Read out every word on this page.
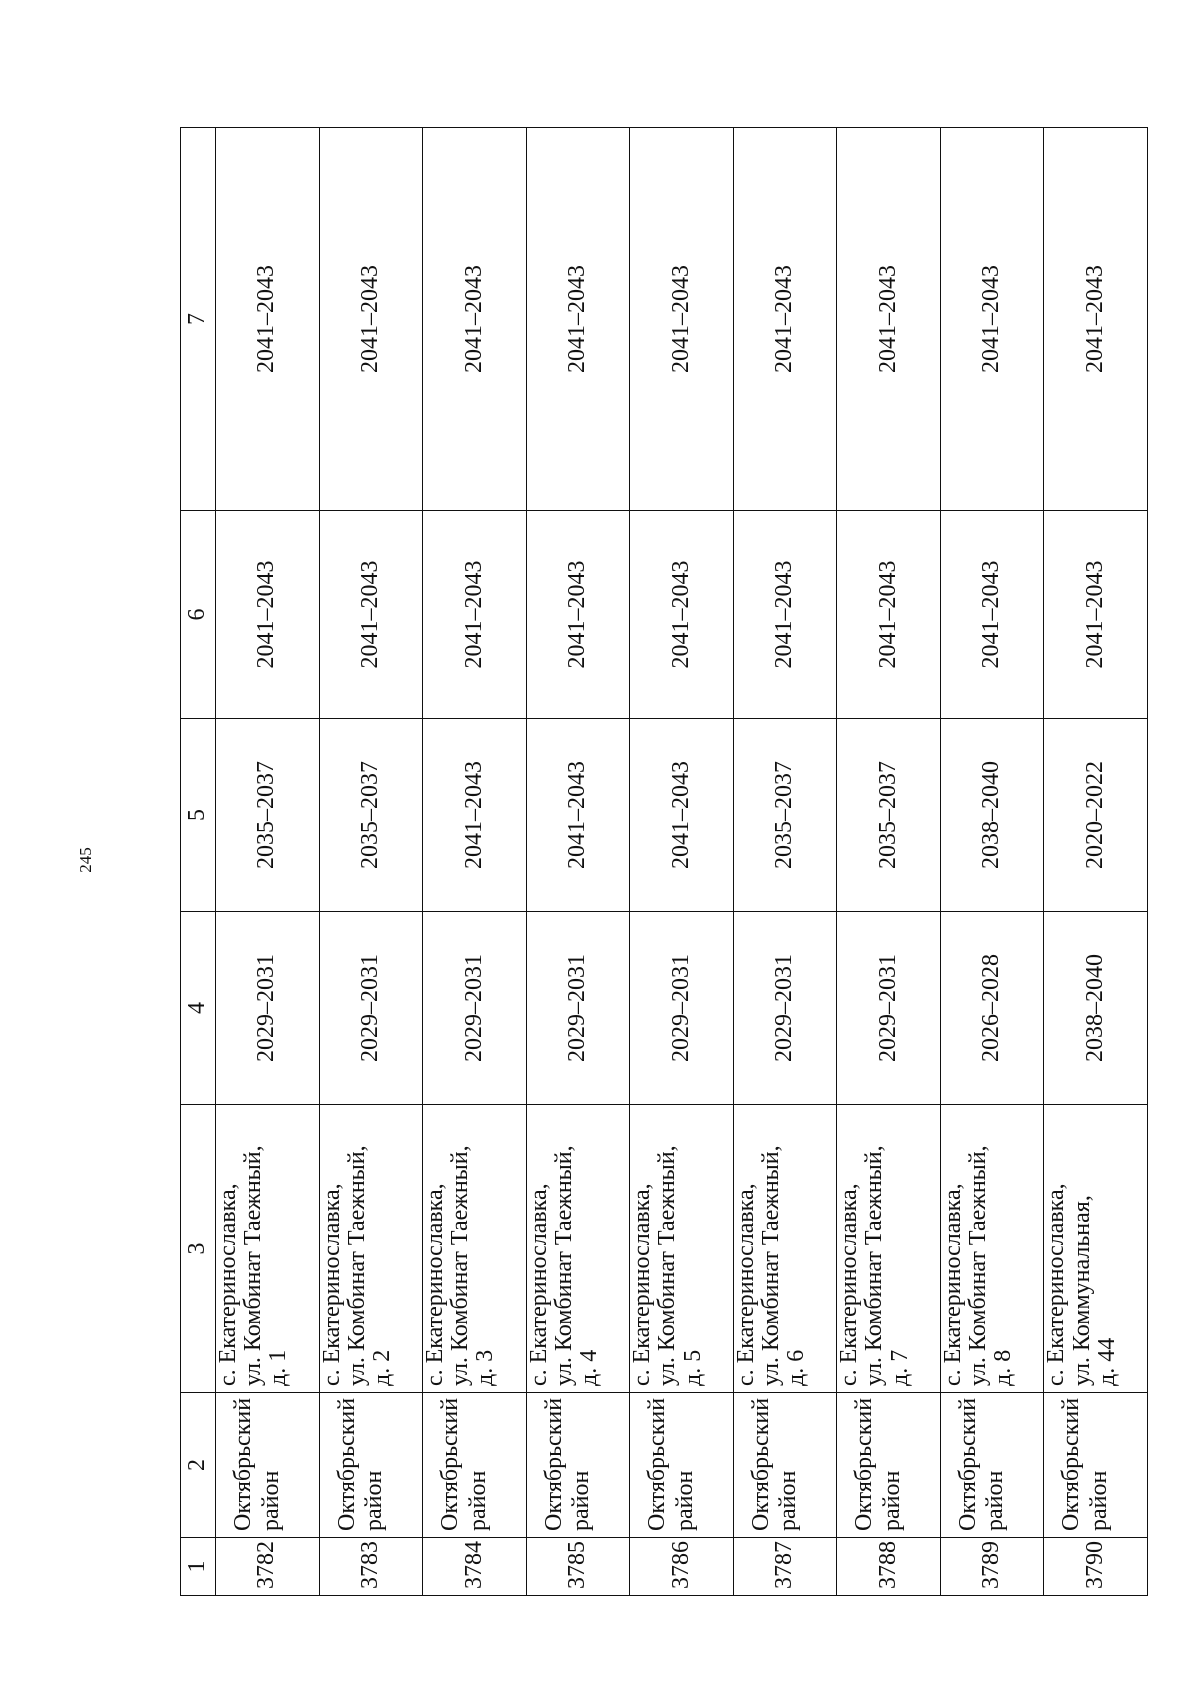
245
1	2	3	4	5	6	7
3782	Октябрьский район	с. Екатеринославка, ул. Комбинат Таежный, д. 1	2029–2031	2035–2037	2041–2043	2041–2043
3783	Октябрьский район	с. Екатеринославка, ул. Комбинат Таежный, д. 2	2029–2031	2035–2037	2041–2043	2041–2043
3784	Октябрьский район	с. Екатеринославка, ул. Комбинат Таежный, д. 3	2029–2031	2041–2043	2041–2043	2041–2043
3785	Октябрьский район	с. Екатеринославка, ул. Комбинат Таежный, д. 4	2029–2031	2041–2043	2041–2043	2041–2043
3786	Октябрьский район	с. Екатеринославка, ул. Комбинат Таежный, д. 5	2029–2031	2041–2043	2041–2043	2041–2043
3787	Октябрьский район	с. Екатеринославка, ул. Комбинат Таежный, д. 6	2029–2031	2035–2037	2041–2043	2041–2043
3788	Октябрьский район	с. Екатеринославка, ул. Комбинат Таежный, д. 7	2029–2031	2035–2037	2041–2043	2041–2043
3789	Октябрьский район	с. Екатеринославка, ул. Комбинат Таежный, д. 8	2026–2028	2038–2040	2041–2043	2041–2043
3790	Октябрьский район	с. Екатеринославка, ул. Коммунальная, д. 44	2038–2040	2020–2022	2041–2043	2041–2043
